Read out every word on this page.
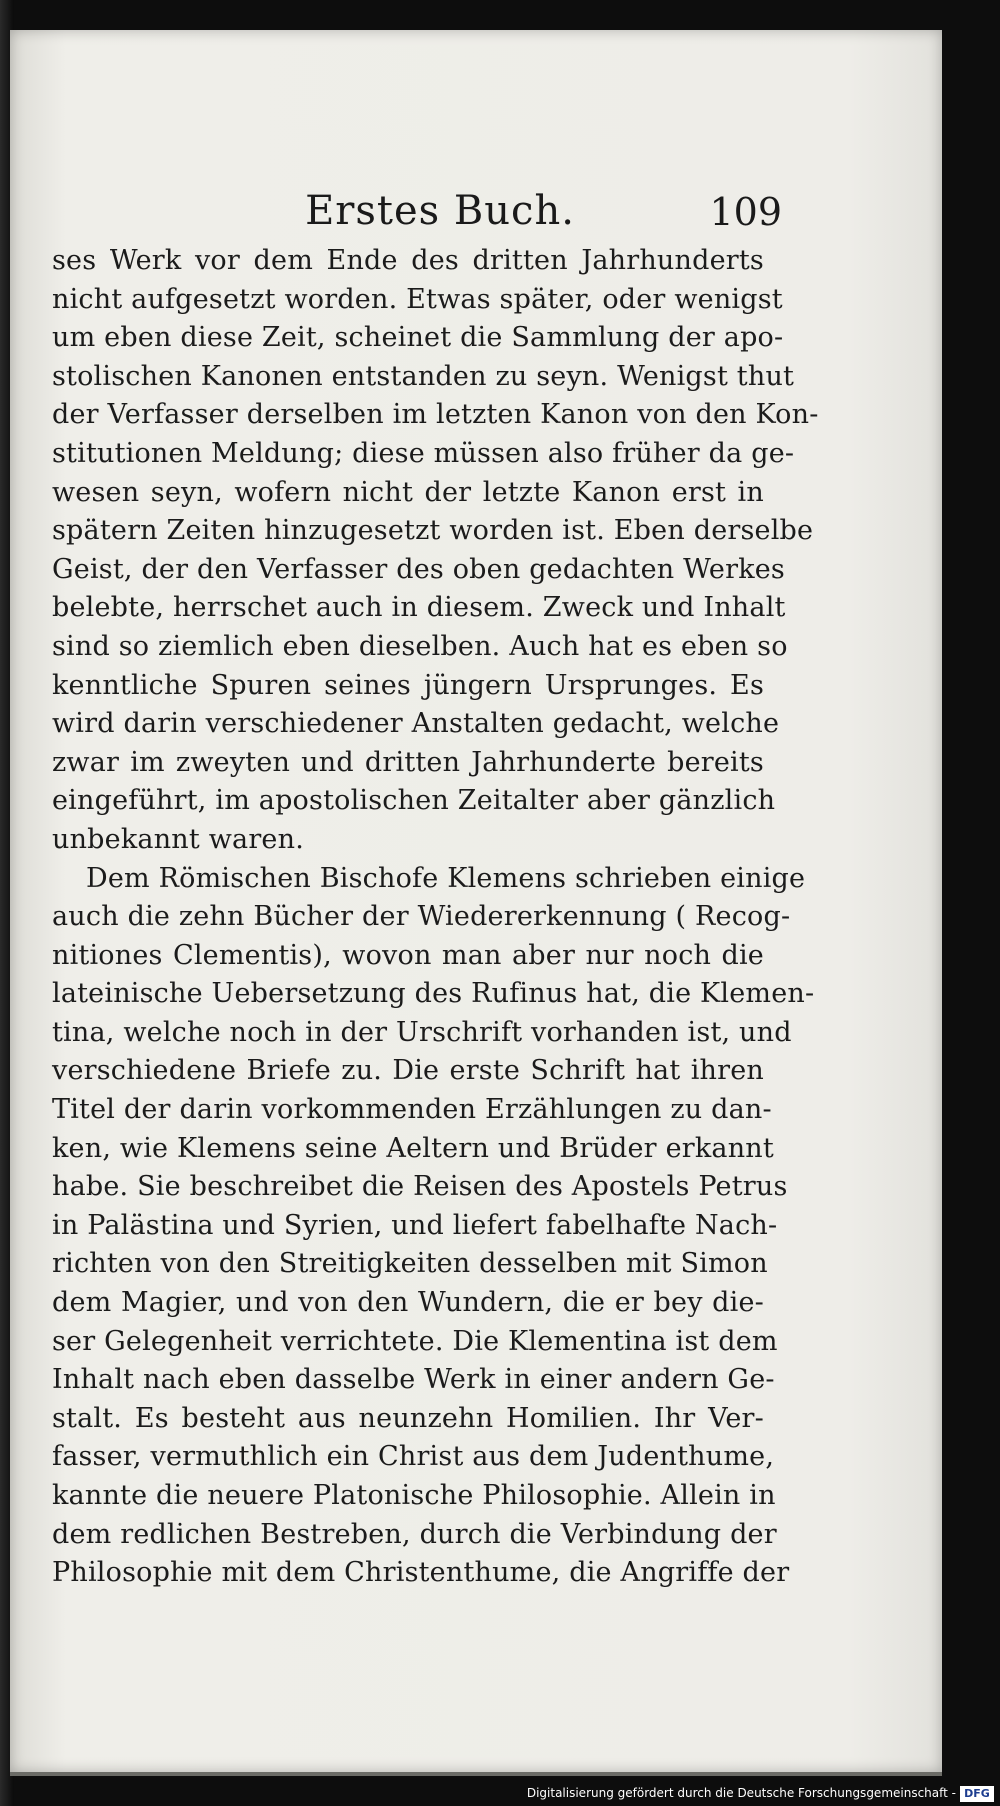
Erstes Buch.	109
ses Werk vor dem Ende des dritten Jahrhunderts
nicht aufgesetzt worden. Etwas später, oder wenigst
um eben diese Zeit, scheinet die Sammlung der apo-
stolischen Kanonen entstanden zu seyn. Wenigst thut
der Verfasser derselben im letzten Kanon von den Kon-
stitutionen Meldung; diese müssen also früher da ge-
wesen seyn, wofern nicht der letzte Kanon erst in
spätern Zeiten hinzugesetzt worden ist. Eben derselbe
Geist, der den Verfasser des oben gedachten Werkes
belebte, herrschet auch in diesem. Zweck und Inhalt
sind so ziemlich eben dieselben. Auch hat es eben so
kenntliche Spuren seines jüngern Ursprunges. Es
wird darin verschiedener Anstalten gedacht, welche
zwar im zweyten und dritten Jahrhunderte bereits
eingeführt, im apostolischen Zeitalter aber gänzlich
unbekannt waren.
Dem Römischen Bischofe Klemens schrieben einige
auch die zehn Bücher der Wiedererkennung ( Recog-
nitiones Clementis), wovon man aber nur noch die
lateinische Uebersetzung des Rufinus hat, die Klemen-
tina, welche noch in der Urschrift vorhanden ist, und
verschiedene Briefe zu. Die erste Schrift hat ihren
Titel der darin vorkommenden Erzählungen zu dan-
ken, wie Klemens seine Aeltern und Brüder erkannt
habe. Sie beschreibet die Reisen des Apostels Petrus
in Palästina und Syrien, und liefert fabelhafte Nach-
richten von den Streitigkeiten desselben mit Simon
dem Magier, und von den Wundern, die er bey die-
ser Gelegenheit verrichtete. Die Klementina ist dem
Inhalt nach eben dasselbe Werk in einer andern Ge-
stalt. Es besteht aus neunzehn Homilien. Ihr Ver-
fasser, vermuthlich ein Christ aus dem Judenthume,
kannte die neuere Platonische Philosophie. Allein in
dem redlichen Bestreben, durch die Verbindung der
Philosophie mit dem Christenthume, die Angriffe der
Digitalisierung gefördert durch die Deutsche Forschungsgemeinschaft - DFG
